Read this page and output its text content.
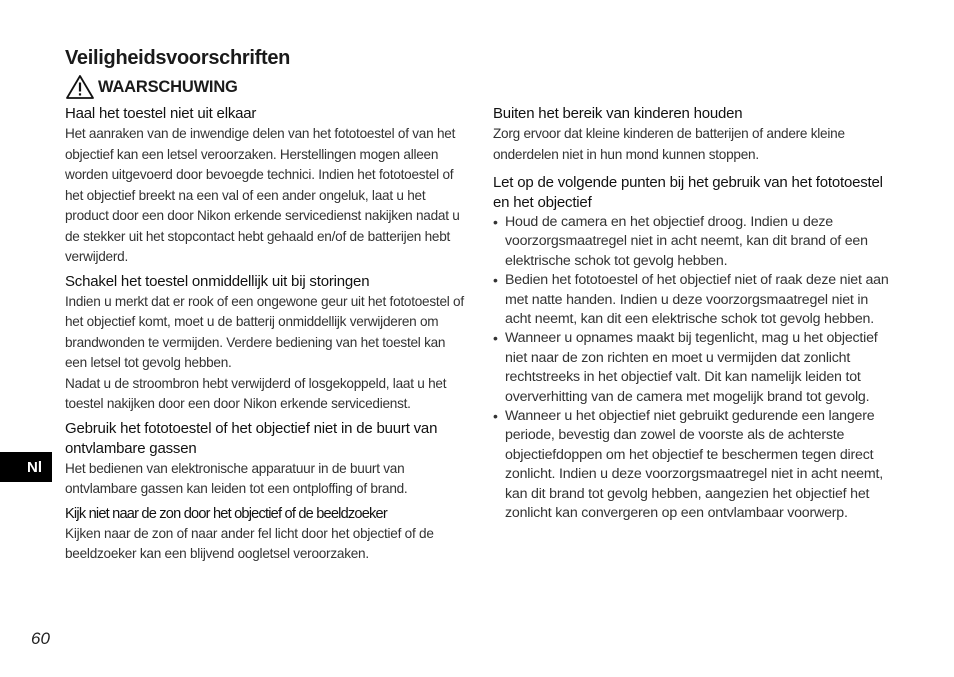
Veiligheidsvoorschriften
WAARSCHUWING
Haal het toestel niet uit elkaar
Het aanraken van de inwendige delen van het fototoestel of van het objectief kan een letsel veroorzaken. Herstellingen mogen alleen worden uitgevoerd door bevoegde technici. Indien het fototoestel of het objectief breekt na een val of een ander ongeluk, laat u het product door een door Nikon erkende servicedienst nakijken nadat u de stekker uit het stopcontact hebt gehaald en/of de batterijen hebt verwijderd.
Schakel het toestel onmiddellijk uit bij storingen
Indien u merkt dat er rook of een ongewone geur uit het fototoestel of het objectief komt, moet u de batterij onmiddellijk verwijderen om brandwonden te vermijden. Verdere bediening van het toestel kan een letsel tot gevolg hebben.
Nadat u de stroombron hebt verwijderd of losgekoppeld, laat u het toestel nakijken door een door Nikon erkende servicedienst.
Gebruik het fototoestel of het objectief niet in de buurt van ontvlambare gassen
Het bedienen van elektronische apparatuur in de buurt van ontvlambare gassen kan leiden tot een ontploffing of brand.
Kijk niet naar de zon door het objectief of de beeldzoeker
Kijken naar de zon of naar ander fel licht door het objectief of de beeldzoeker kan een blijvend oogletsel veroorzaken.
Buiten het bereik van kinderen houden
Zorg ervoor dat kleine kinderen de batterijen of andere kleine onderdelen niet in hun mond kunnen stoppen.
Let op de volgende punten bij het gebruik van het fototoestel en het objectief
• Houd de camera en het objectief droog. Indien u deze voorzorgsmaatregel niet in acht neemt, kan dit brand of een elektrische schok tot gevolg hebben.
• Bedien het fototoestel of het objectief niet of raak deze niet aan met natte handen. Indien u deze voorzorgsmaatregel niet in acht neemt, kan dit een elektrische schok tot gevolg hebben.
• Wanneer u opnames maakt bij tegenlicht, mag u het objectief niet naar de zon richten en moet u vermijden dat zonlicht rechtstreeks in het objectief valt. Dit kan namelijk leiden tot oververhitting van de camera met mogelijk brand tot gevolg.
• Wanneer u het objectief niet gebruikt gedurende een langere periode, bevestig dan zowel de voorste als de achterste objectiefdoppen om het objectief te beschermen tegen direct zonlicht. Indien u deze voorzorgsmaatregel niet in acht neemt, kan dit brand tot gevolg hebben, aangezien het objectief het zonlicht kan convergeren op een ontvlambaar voorwerp.
Nl
60
